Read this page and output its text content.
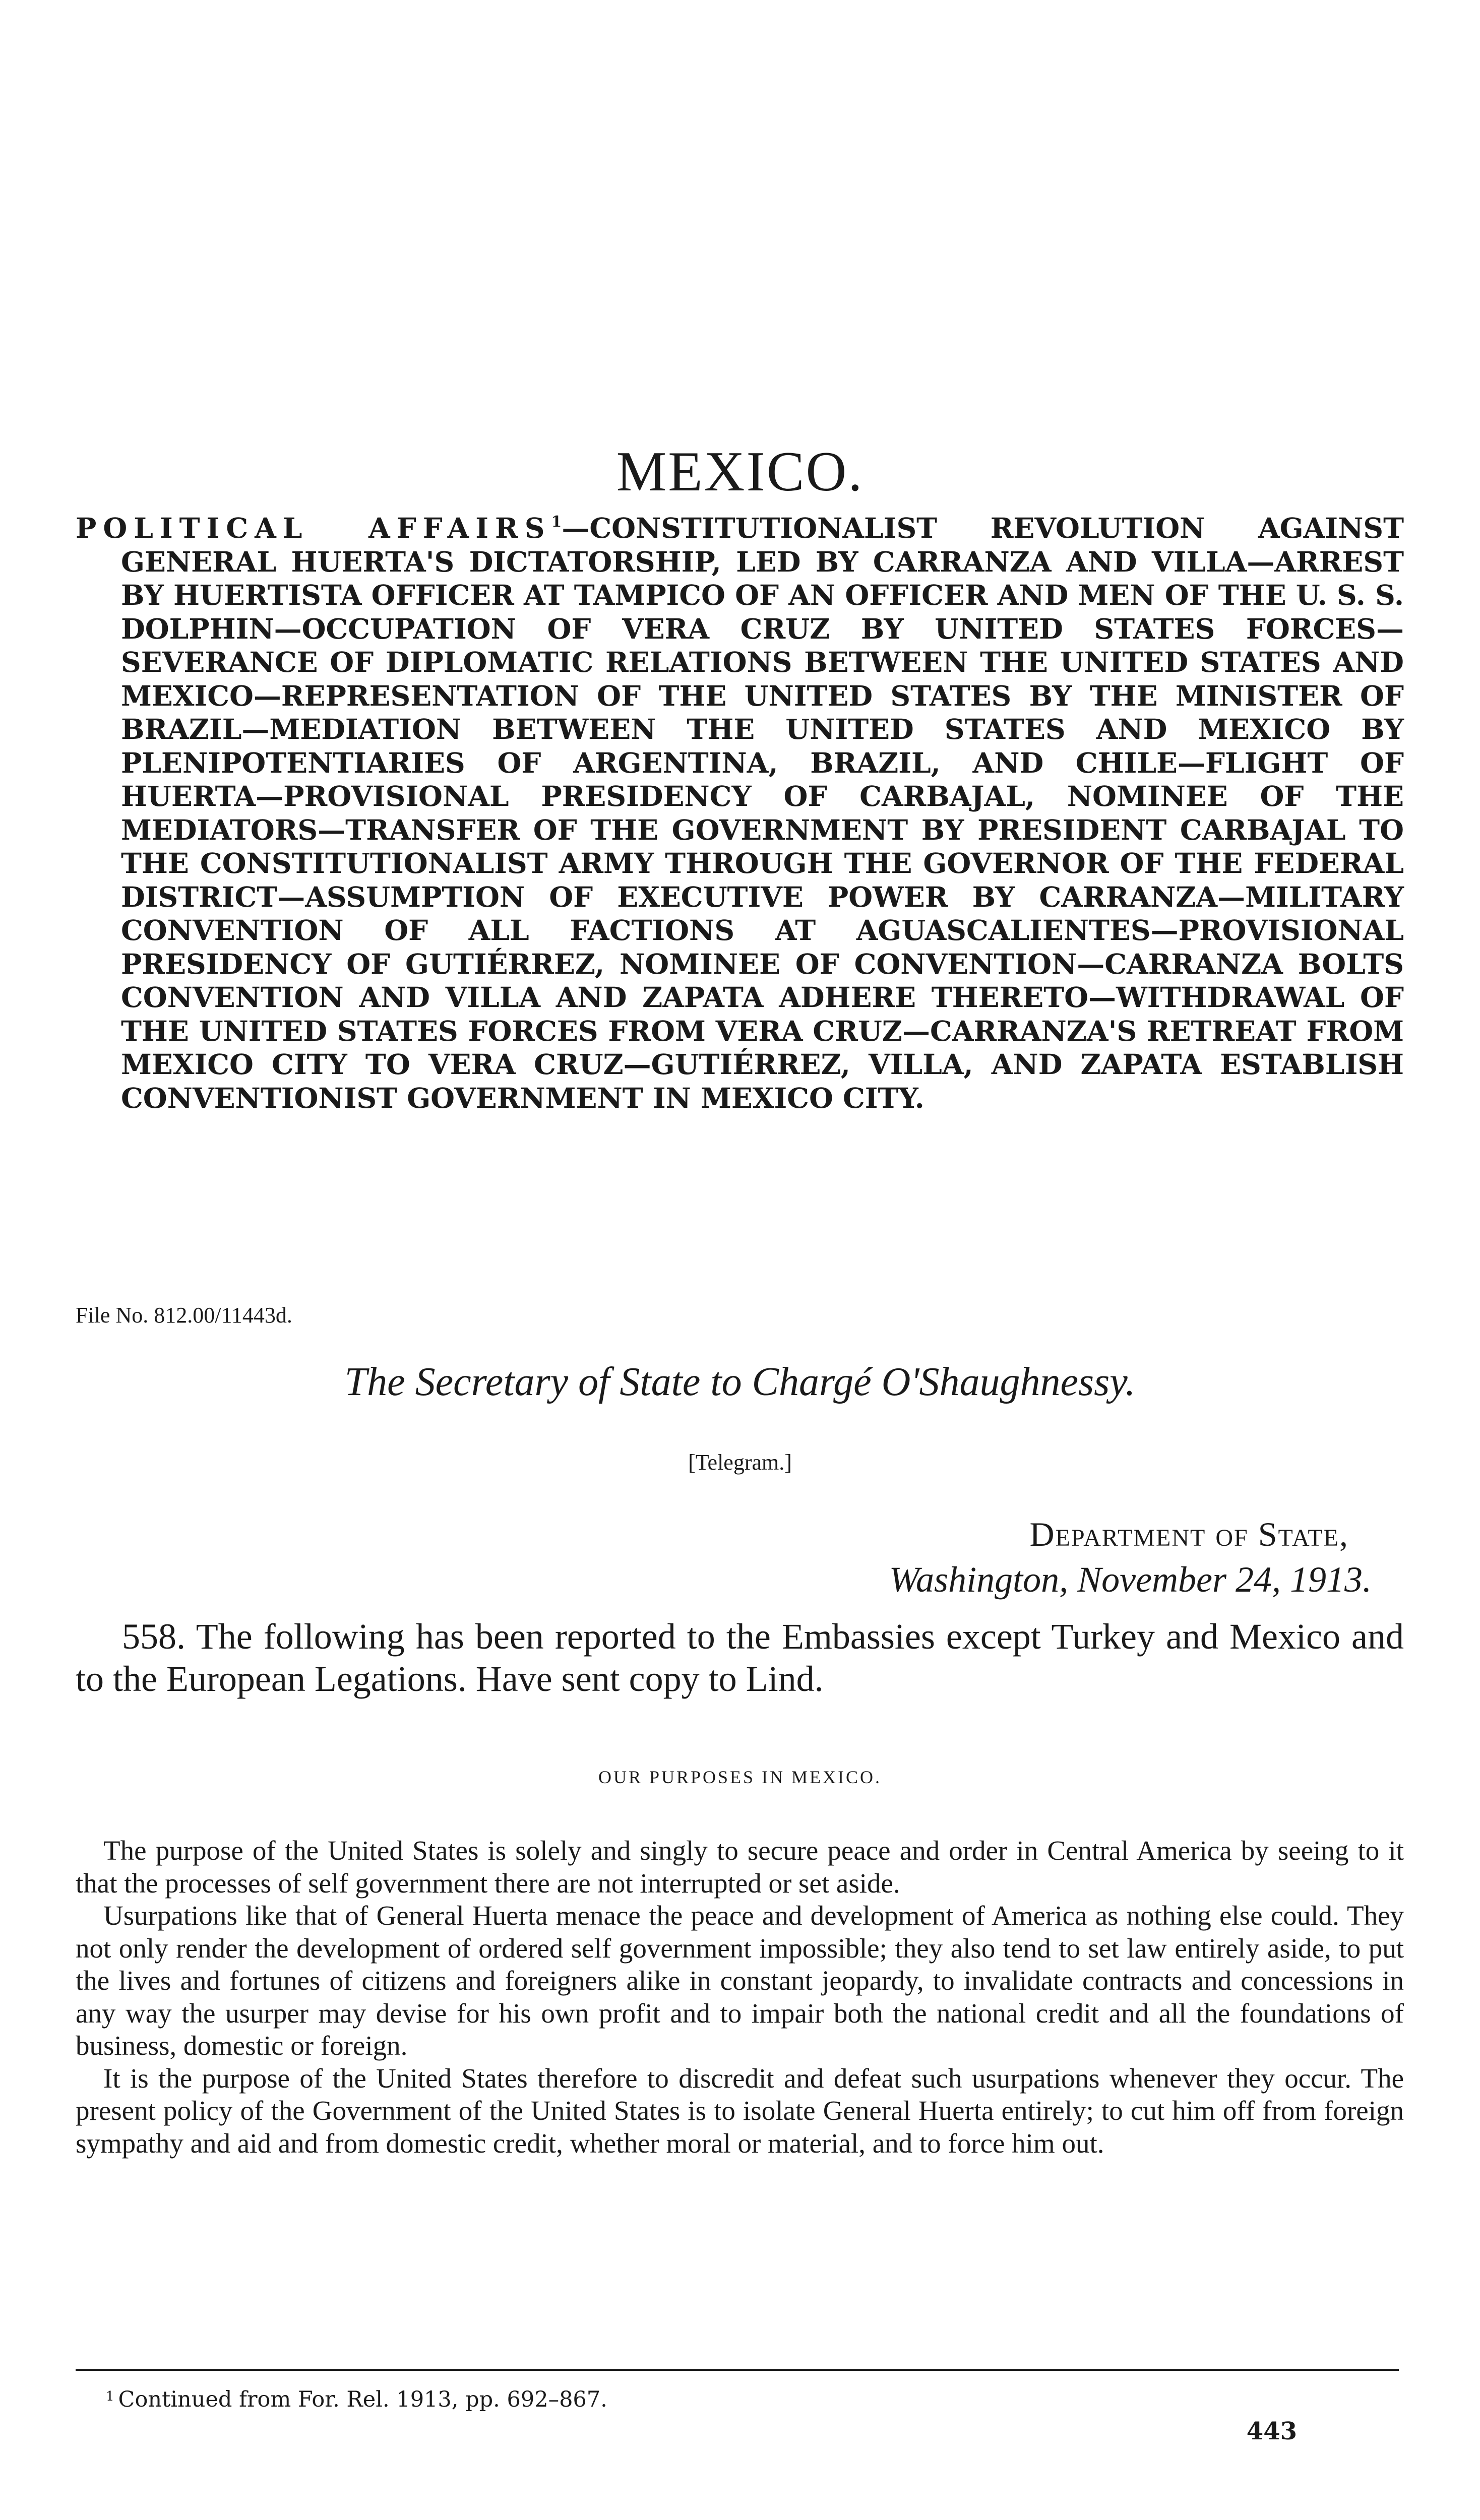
MEXICO.
POLITICAL AFFAIRS$^1$—CONSTITUTIONALIST REVOLUTION AGAINST GENERAL HUERTA'S DICTATORSHIP, LED BY CARRANZA AND VILLA—ARREST BY HUERTISTA OFFICER AT TAMPICO OF AN OFFICER AND MEN OF THE U. S. S. DOLPHIN—OCCUPATION OF VERA CRUZ BY UNITED STATES FORCES—SEVERANCE OF DIPLOMATIC RELATIONS BETWEEN THE UNITED STATES AND MEXICO—REPRESENTATION OF THE UNITED STATES BY THE MINISTER OF BRAZIL—MEDIATION BETWEEN THE UNITED STATES AND MEXICO BY PLENIPOTENTIARIES OF ARGENTINA, BRAZIL, AND CHILE—FLIGHT OF HUERTA—PROVISIONAL PRESIDENCY OF CARBAJAL, NOMINEE OF THE MEDIATORS—TRANSFER OF THE GOVERNMENT BY PRESIDENT CARBAJAL TO THE CONSTITUTIONALIST ARMY THROUGH THE GOVERNOR OF THE FEDERAL DISTRICT—ASSUMPTION OF EXECUTIVE POWER BY CARRANZA—MILITARY CONVENTION OF ALL FACTIONS AT AGUASCALIENTES—PROVISIONAL PRESIDENCY OF GUTIÉRREZ, NOMINEE OF CONVENTION—CARRANZA BOLTS CONVENTION AND VILLA AND ZAPATA ADHERE THERETO—WITHDRAWAL OF THE UNITED STATES FORCES FROM VERA CRUZ—CARRANZA'S RETREAT FROM MEXICO CITY TO VERA CRUZ—GUTIÉRREZ, VILLA, AND ZAPATA ESTABLISH CONVENTIONIST GOVERNMENT IN MEXICO CITY.
File No. 812.00/11443d.
The Secretary of State to Chargé O'Shaughnessy.
[Telegram.]
Department of State,
Washington, November 24, 1913.
558. The following has been reported to the Embassies except Turkey and Mexico and to the European Legations. Have sent copy to Lind.
OUR PURPOSES IN MEXICO.

The purpose of the United States is solely and singly to secure peace and order in Central America by seeing to it that the processes of self government there are not interrupted or set aside.

Usurpations like that of General Huerta menace the peace and development of America as nothing else could. They not only render the development of ordered self government impossible; they also tend to set law entirely aside, to put the lives and fortunes of citizens and foreigners alike in constant jeopardy, to invalidate contracts and concessions in any way the usurper may devise for his own profit and to impair both the national credit and all the foundations of business, domestic or foreign.

It is the purpose of the United States therefore to discredit and defeat such usurpations whenever they occur. The present policy of the Government of the United States is to isolate General Huerta entirely; to cut him off from foreign sympathy and aid and from domestic credit, whether moral or material, and to force him out.

$^1$ Continued from For. Rel. 1913, pp. 692–867.
443
